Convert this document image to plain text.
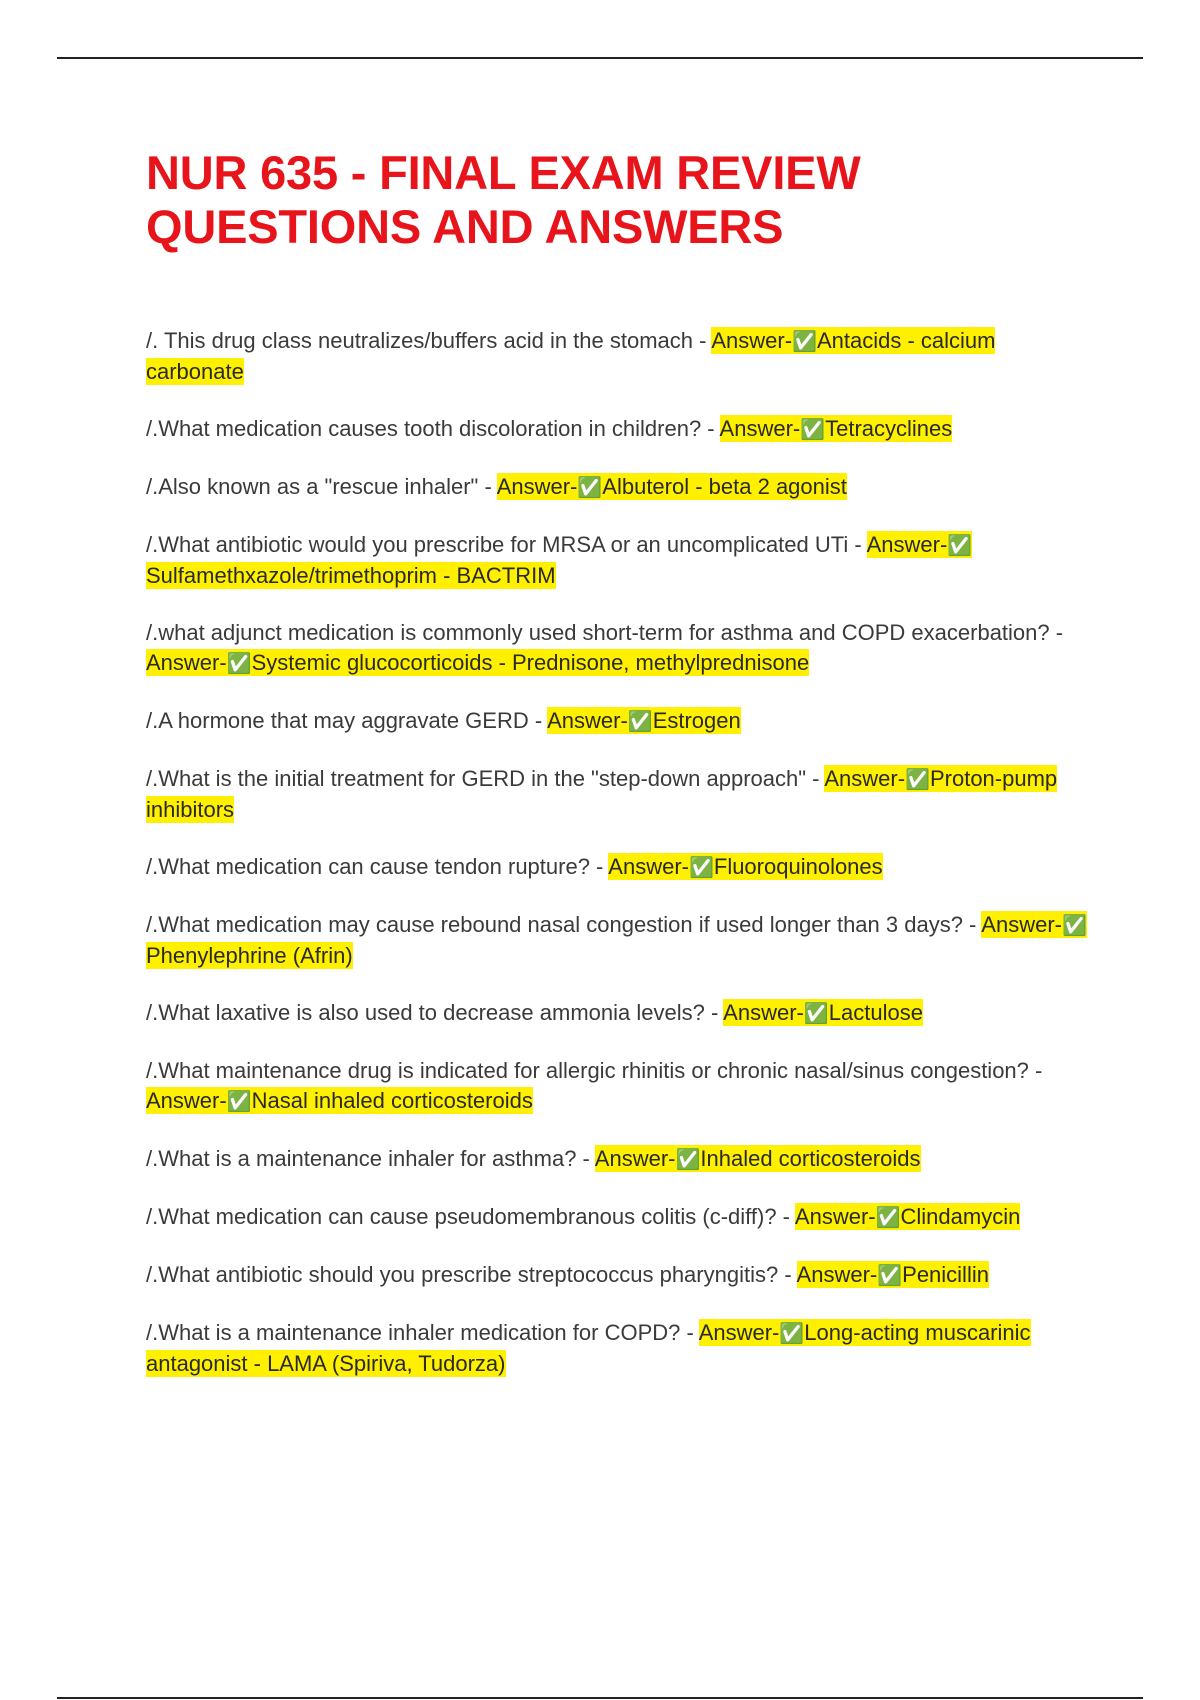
NUR 635 - FINAL EXAM REVIEW
QUESTIONS AND ANSWERS
/. This drug class neutralizes/buffers acid in the stomach - Answer-✅Antacids - calcium carbonate
/.What medication causes tooth discoloration in children? - Answer-✅Tetracyclines
/.Also known as a "rescue inhaler" - Answer-✅Albuterol - beta 2 agonist
/.What antibiotic would you prescribe for MRSA or an uncomplicated UTi - Answer-✅Sulfamethxazole/trimethoprim - BACTRIM
/.what adjunct medication is commonly used short-term for asthma and COPD exacerbation? - Answer-✅Systemic glucocorticoids - Prednisone, methylprednisone
/.A hormone that may aggravate GERD - Answer-✅Estrogen
/.What is the initial treatment for GERD in the "step-down approach" - Answer-✅Proton-pump inhibitors
/.What medication can cause tendon rupture? - Answer-✅Fluoroquinolones
/.What medication may cause rebound nasal congestion if used longer than 3 days? - Answer-✅Phenylephrine (Afrin)
/.What laxative is also used to decrease ammonia levels? - Answer-✅Lactulose
/.What maintenance drug is indicated for allergic rhinitis or chronic nasal/sinus congestion? - Answer-✅Nasal inhaled corticosteroids
/.What is a maintenance inhaler for asthma? - Answer-✅Inhaled corticosteroids
/.What medication can cause pseudomembranous colitis (c-diff)? - Answer-✅Clindamycin
/.What antibiotic should you prescribe streptococcus pharyngitis? - Answer-✅Penicillin
/.What is a maintenance inhaler medication for COPD? - Answer-✅Long-acting muscarinic antagonist - LAMA (Spiriva, Tudorza)
